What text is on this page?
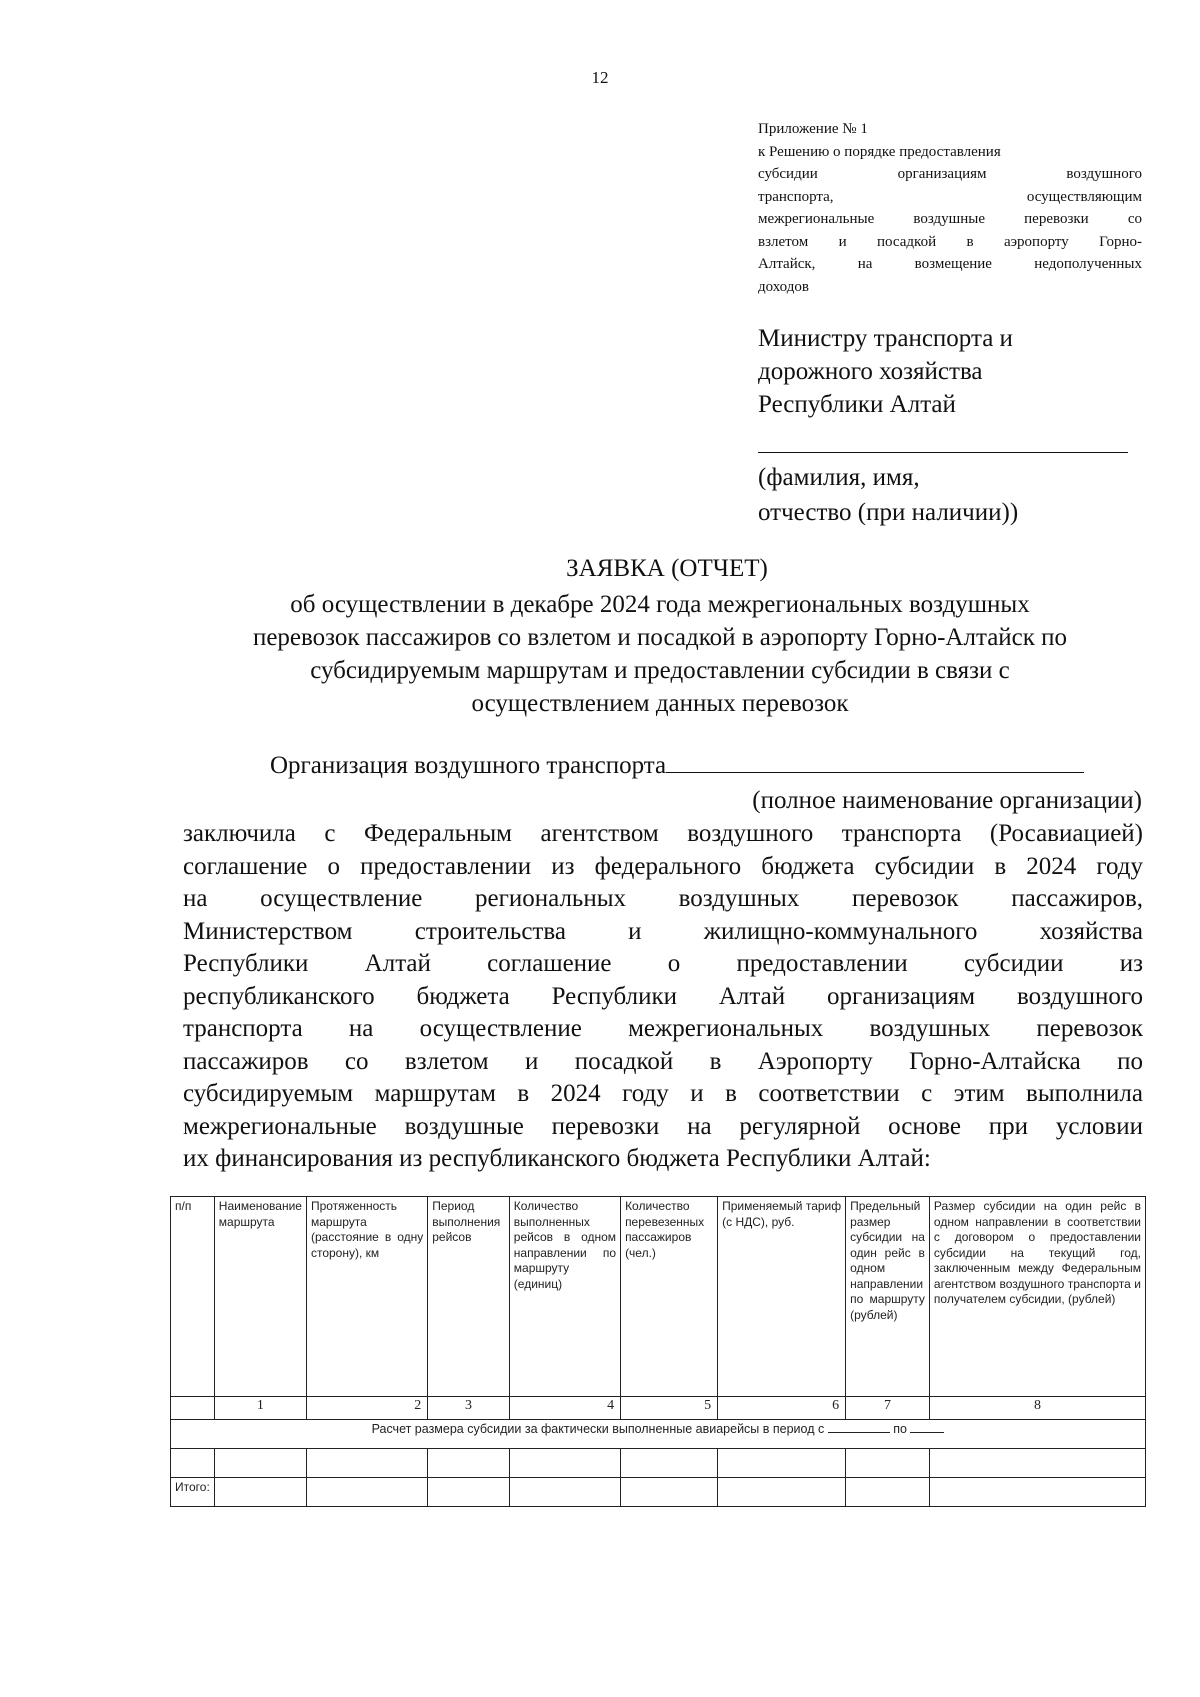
12
Приложение № 1
к Решению о порядке предоставления
субсидии организациям воздушного
транспорта, осуществляющим
межрегиональные воздушные перевозки со
взлетом и посадкой в аэропорту Горно-
Алтайск, на возмещение недополученных
доходов
Министру транспорта и
дорожного хозяйства
Республики Алтай
(фамилия, имя,
отчество (при наличии))
ЗАЯВКА (ОТЧЕТ)
об осуществлении в декабре 2024 года межрегиональных воздушных
перевозок пассажиров со взлетом и посадкой в аэропорту Горно-Алтайск по
субсидируемым маршрутам и предоставлении субсидии в связи с
осуществлением данных перевозок
Организация воздушного транспорта
(полное наименование организации)
заключила с Федеральным агентством воздушного транспорта (Росавиацией)
соглашение о предоставлении из федерального бюджета субсидии в 2024 году
на осуществление региональных воздушных перевозок пассажиров,
Министерством строительства и жилищно-коммунального хозяйства
Республики Алтай соглашение о предоставлении субсидии из
республиканского бюджета Республики Алтай организациям воздушного
транспорта на осуществление межрегиональных воздушных перевозок
пассажиров со взлетом и посадкой в Аэропорту Горно-Алтайска по
субсидируемым маршрутам в 2024 году и в соответствии с этим выполнила
межрегиональные воздушные перевозки на регулярной основе при условии
их финансирования из республиканского бюджета Республики Алтай:
п/п	Наименование маршрута	Протяженность маршрута (расстояние в одну сторону), км	Период выполнения рейсов	Количество выполненных рейсов в одном направлении по маршруту (единиц)	Количество перевезенных пассажиров (чел.)	Применяемый тариф (с НДС), руб.	Предельный размер субсидии на один рейс в одном направлении по маршруту (рублей)	Размер субсидии на один рейс в одном направлении в соответствии с договором о предоставлении субсидии на текущий год, заключенным между Федеральным агентством воздушного транспорта и получателем субсидии, (рублей)
	1	2	3	4	5	6	7	8
Расчет размера субсидии за фактически выполненные авиарейсы в период с по								

Итого:								
